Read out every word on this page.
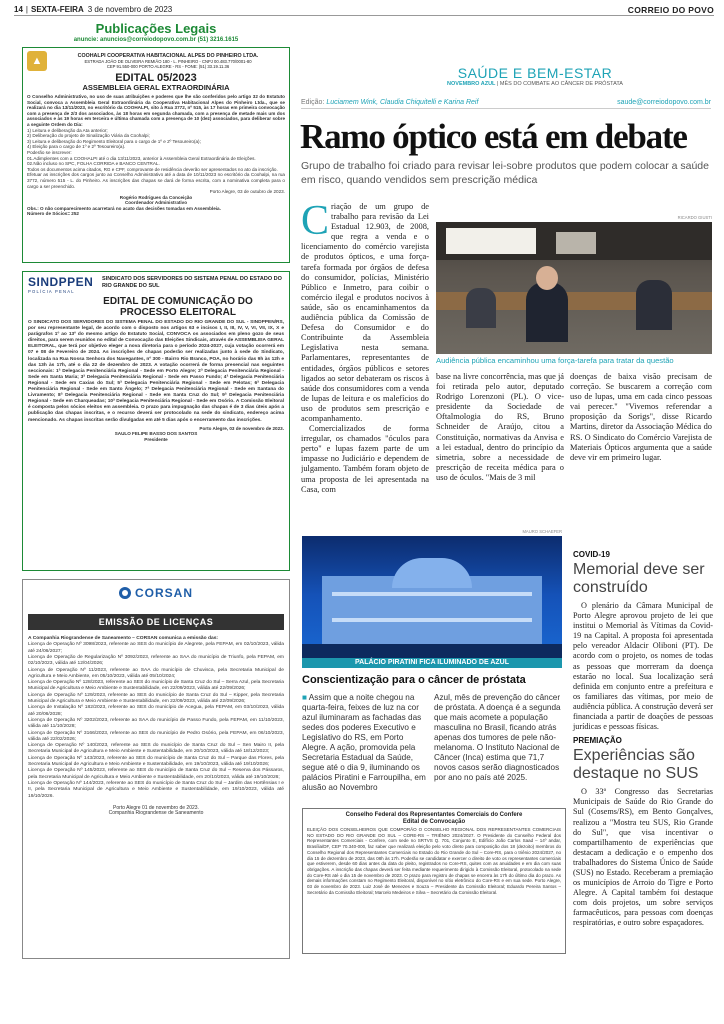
14 | SEXTA-FEIRA 3 de novembro de 2023	CORREIO DO POVO
Publicações Legais
anuncie: anuncios@correiodopovo.com.br (51) 3216.1615
▲	COOHALPI COOPERATIVA HABITACIONAL ALPES DO PINHEIRO LTDA.
ESTRADA JOÃO DE OLIVEIRA REMIÃO 180 - L. PINHEIRO - CNPJ 00.483.770/0001-80
CEP 91.550-000 PORTO ALEGRE - RS - FONE: (51) 33.19.11.36
EDITAL 05/2023
ASSEMBLEIA GERAL EXTRAORDINÁRIA
O Conselho Administrativo, no uso de suas atribuições e poderes que lhe são conferidos pelo artigo 32 do Estatuto Social, convoca a Assembleia Geral Extraordinária da Cooperativa Habitacional Alpes do Pinheiro Ltda., que se realizará no dia 13/11/2023, no escritório da COOHALPI, sito à Rua 3772, nº 515, às 17 horas em primeira convocação com a presença de 2/3 dos associados, às 18 horas em segunda chamada, com a presença de metade mais um dos associados e às 19 horas em terceira e última chamada com a presença de 10 (dez) associados, para deliberar sobre a seguinte Ordem do Dia:
1) Leitura e deliberação da Ata anterior;
2) Deliberação do projeto de Sinalização Viária da Coohalpi;
3) Leitura e deliberação do Regimento Eleitoral para o cargo de 1º e 2º Tesoureiro(a);
4) Eleição para o cargo de 1º e 2º Tesoureiro(a).
Poderão se inscrever:
01.Adimplentes com a COOHALPI até o dia 13/11/2023, anterior à Assembleia Geral Extraordinária de Eleições.
02.Não incluso no SPC, FOLHA CORRIDA e BANCO CENTRAL.
Todos os documentos acima citados, RG e CPF, comprovante de residência deverão ser apresentados no ato da inscrição.
Efetuar as inscrições dos cargos junto ao Conselho Administrativo até a data de 10/11/2023 no escritório da Coohalpi, na rua 3772, número 515 - L. do Pinheiro. As inscrições das chapas se dará de forma escrita, com a nominativa completa para o cargo a ser preenchido.
Porto Alegre, 03 de outubro de 2023.
Rogério Rodrigues da Conceição
Coordenador Administrativo
Obs.: O não comparecimento acarretará no acato das decisões tomadas em Assembleia.
Número de Sócios= 252
SINDPPEN
POLÍCIA PENAL
SINDICATO DOS SERVIDORES DO SISTEMA PENAL DO ESTADO DO RIO GRANDE DO SUL
EDITAL DE COMUNICAÇÃO DO PROCESSO ELEITORAL
O SINDICATO DOS SERVIDORES DO SISTEMA PENAL DO ESTADO DO RIO GRANDE DO SUL - SINDPPEN/RS, por seu representante legal, de acordo com o disposto nos artigos 63 e incisos I, II, III, IV, V, VI, VII, IX, X e parágrafos 1º ao 13º do mesmo artigo do Estatuto Social, CONVOCA os associados em pleno gozo de seus direitos, para serem reunidos no edital de Convocação das Eleições Sindicais, através de ASSEMBLEIA GERAL ELEITORAL, que terá por objetivo eleger a nova diretoria para o período 2024-2027, cuja votação ocorrerá em 07 e 08 de Fevereiro de 2024. As inscrições de chapas poderão ser realizadas junto à sede do Sindicato, localizada na Rua Nossa Senhora dos Navegantes, nº 300 - Bairro Rio Branco, POA, no horário das 9h às 12h e das 13h às 17h, até o dia 22 de dezembro de 2023. A votação ocorrerá de forma presencial nas seguintes seccionais: 1ª Delegacia Penitenciária Regional - Sede em Porto Alegre; 2ª Delegacia Penitenciária Regional - Sede em Santa Maria; 3ª Delegacia Penitenciária Regional - Sede em Passo Fundo; 4ª Delegacia Penitenciária Regional - Sede em Caxias do Sul; 5ª Delegacia Penitenciária Regional - Sede em Pelotas; 6ª Delegacia Penitenciária Regional - Sede em Santo Ângelo; 7ª Delegacia Penitenciária Regional - Sede em Santana do Livramento; 8ª Delegacia Penitenciária Regional - Sede em Santa Cruz do Sul; 9ª Delegacia Penitenciária Regional - Sede em Charqueadas; 10ª Delegacia Penitenciária Regional - Sede em Osório. A Comissão Eleitoral é composta pelos sócios eleitos em assembleia. O prazo para impugnação das chapas é de 3 dias úteis após a publicação das chapas inscritas, e o recurso deverá ser protocolado na sede do sindicato, endereço acima mencionado. As chapas inscritas serão divulgadas em até 5 dias após o encerramento das inscrições.
Porto Alegre, 03 de novembro de 2023.
SAULO FELIPE BASSO DOS SANTOS
Presidente
CORSAN
EMISSÃO DE LICENÇAS
A Companhia Riograndense de Saneamento – CORSAN comunica a emissão das:
Licença de Operação Nº 3098/2023, referente ao SES do município de Alegrete, pela FEPAM, em 02/10/2023, válida até 24/06/2027;
Licença de Operação de Regularização Nº 3092/2023, referente ao SAA do município de Triunfo, pela FEPAM, em 02/10/2023, válida até 12/04/2026;
Licença de Operação Nº 11/2023, referente ao SAA do município de Chuvisca, pela Secretaria Municipal de Agricultura e Meio Ambiente, em 05/10/2023, válida até 05/10/2024;
Licença de Operação Nº 128/2023, referente ao SES do município de Santa Cruz do Sul – Serra Azul, pela Secretaria Municipal de Agricultura e Meio Ambiente e Sustentabilidade, em 22/09/2023, válida até 22/09/2026;
Licença de Operação Nº 129/2023, referente ao SES do município de Santa Cruz do Sul – Kipper, pela Secretaria Municipal de Agricultura e Meio Ambiente e Sustentabilidade, em 22/09/2023, válida até 22/09/2026;
Licença de Instalação Nº 182/2023, referente ao SES do município de Acegua, pela FEPAM, em 03/10/2023, válida até 20/06/2028;
Licença de Operação Nº 3202/2023, referente ao SAA do município de Passo Fundo, pela FEPAM, em 11/10/2023, válida até 11/10/2028;
Licença de Operação Nº 3166/2023, referente ao SES do município de Pedro Osório, pela FEPAM, em 06/10/2023, válida até 22/02/2026;
Licença de Operação Nº 140/2023, referente ao SES do município de Santa Cruz do Sul – Sen Mairo II, pela Secretaria Municipal de Agricultura e Meio Ambiente e Sustentabilidade, em 20/10/2023, válida até 18/12/2023;
Licença de Operação Nº 143/2023, referente ao SES do município de Santa Cruz do Sul – Parque das Flores, pela Secretaria Municipal de Agricultura e Meio Ambiente e Sustentabilidade, em 19/10/2023, válida até 19/10/2026;
Licença de Operação Nº 145/2023, referente ao SES do município de Santa Cruz do Sul – Reserva dos Pássaros, pela Secretaria Municipal de Agricultura e Meio Ambiente e Sustentabilidade, em 20/10/2023, válida até 19/10/2026;
Licença de Operação Nº 144/2023, referente ao SES do município de Santa Cruz do Sul – Jardim das Hortênsias I e II, pela Secretaria Municipal de Agricultura e Meio Ambiente e Sustentabilidade, em 19/10/2023, válida até 19/10/2026.
Porto Alegre 01 de novembro de 2023.
Companhia Riograndense de Saneamento
SAÚDE E BEM-ESTAR
NOVEMBRO AZUL | MÊS DO COMBATE AO CÂNCER DE PRÓSTATA
Edição: Luciamem Wink, Claudia Chiquitelli e Karina Reif	saude@correiodopovo.com.br
Ramo óptico está em debate
Grupo de trabalho foi criado para revisar lei-sobre produtos que podem colocar a saúde em risco, quando vendidos sem prescrição médica
C riação de um grupo de trabalho para revisão da Lei Estadual 12.903, de 2008, que regra a venda e o licenciamento do comércio varejista de produtos ópticos, e uma força-tarefa formada por órgãos de defesa do consumidor, polícias, Ministério Público e Inmetro, para coibir o comércio ilegal e produtos nocivos à saúde, são os encaminhamentos da audiência pública da Comissão de Defesa do Consumidor e do Contribuinte da Assembleia Legislativa nesta semana. Parlamentares, representantes de entidades, órgãos públicos e setores ligados ao setor debateram os riscos à saúde dos consumidores com a venda de lupas de leitura e os malefícios do uso de produtos sem prescrição e acompanhamento.
Comercializados de forma irregular, os chamados "óculos para perto" e lupas fazem parte de um impasse no Judiciário e dependem de julgamento. Também foram objeto de uma proposta de lei apresentada na Casa, com
RICARDO GIUSTI
Audiência pública encaminhou uma força-tarefa para tratar da questão
base na livre concorrência, mas que já foi retirada pelo autor, deputado Rodrigo Lorenzoni (PL). O vice-presidente da Sociedade de Oftalmologia do RS, Bruno Schneider de Araújo, citou a Constituição, normativas da Anvisa e a lei estadual, dentro do princípio da simetria, sobre a necessidade de prescrição de receita médica para o uso de óculos. "Mais de 3 mil
doenças de baixa visão precisam de correção. Se buscarem a correção com uso de lupas, uma em cada cinco pessoas vai perecer." "Vivemos referendar a proposição da Sorigs", disse Ricardo Martins, diretor da Associação Médica do RS. O Sindicato do Comércio Varejista de Materiais Ópticos argumenta que a saúde deve vir em primeiro lugar.
MAURO SCHAEFER
PALÁCIO PIRATINI FICA ILUMINADO DE AZUL
Conscientização para o câncer de próstata
■ Assim que a noite chegou na quarta-feira, feixes de luz na cor azul iluminaram as fachadas das sedes dos poderes Executivo e Legislativo do RS, em Porto Alegre. A ação, promovida pela Secretaria Estadual da Saúde, segue até o dia 9, iluminando os palácios Piratini e Farroupilha, em alusão ao Novembro
Azul, mês de prevenção do câncer de próstata. A doença é a segunda que mais acomete a população masculina no Brasil, ficando atrás apenas dos tumores de pele não-melanoma. O Instituto Nacional de Câncer (Inca) estima que 71,7 novos casos serão diagnosticados por ano no país até 2025.
Conselho Federal dos Representantes Comerciais do Confere
Edital de Convocação
ELEIÇÃO DOS CONSELHEIROS QUE COMPORÃO O CONSELHO REGIONAL DOS REPRESENTANTES COMERCIAIS NO ESTADO DO RIO GRANDE DO SUL – CORE-RS – TRIÊNIO 2024/2027. O Presidente do Conselho Federal dos Representantes Comerciais - Confere, com sede no SRTVS Q. 701, Conjunto E, Edifício João Carlos Saad – 14º andar, Brasília/DF, CEP 70.340-000, faz saber que realizará eleição pelo voto direto para composição dos 18 (dezoito) membros do Conselho Regional dos Representantes Comerciais no Estado do Rio Grande do Sul – Core-RS, para o triênio 2024/2027, no dia 15 de dezembro de 2023, das 08h às 17h. Poderão se candidatar e exercer o direito de voto os representantes comerciais que estiverem, desde 60 dias antes da data do pleito, registrados no Core-RS, quites com as anuidades e em dia com suas obrigações. A inscrição das chapas deverá ser feita mediante requerimento dirigido à Comissão Eleitoral, protocolado na sede do Core-RS até o dia 15 de novembro de 2023. O prazo para registro de chapas se encerra às 17h do último dia do prazo. As demais informações constam no Regimento Eleitoral, disponível no sítio eletrônico do Core-RS e em sua sede. Porto Alegre, 03 de novembro de 2023. Luiz José de Menezes e Souza – Presidente da Comissão Eleitoral; Eduardo Pereira Santos – Secretário da Comissão Eleitoral; Marcelo Medeiros e Silva – Secretário da Comissão Eleitoral.
COVID-19
Memorial deve ser construído
O plenário da Câmara Municipal de Porto Alegre aprovou projeto de lei que institui o Memorial às Vítimas da Covid-19 na Capital. A proposta foi apresentada pelo vereador Aldacir Oliboni (PT). De acordo com o projeto, os nomes de todas as pessoas que morreram da doença estarão no local. Sua localização será definida em conjunto entre a prefeitura e os familiares das vítimas, por meio de audiência pública. A construção deverá ser financiada a partir de doações de pessoas jurídicas e pessoas físicas.
PREMIAÇÃO
Experiências são destaque no SUS
O 33º Congresso das Secretarias Municipais de Saúde do Rio Grande do Sul (Cosems/RS), em Bento Gonçalves, realizou a "Mostra teu SUS, Rio Grande do Sul", que visa incentivar o compartilhamento de experiências que destacam a dedicação e o empenho dos trabalhadores do Sistema Único de Saúde (SUS) no Estado. Receberam a premiação os municípios de Arroio do Tigre e Porto Alegre. A Capital também foi destaque com dois projetos, um sobre serviços farmacêuticos, para pessoas com doenças respiratórias, e outro sobre espaçadores.
